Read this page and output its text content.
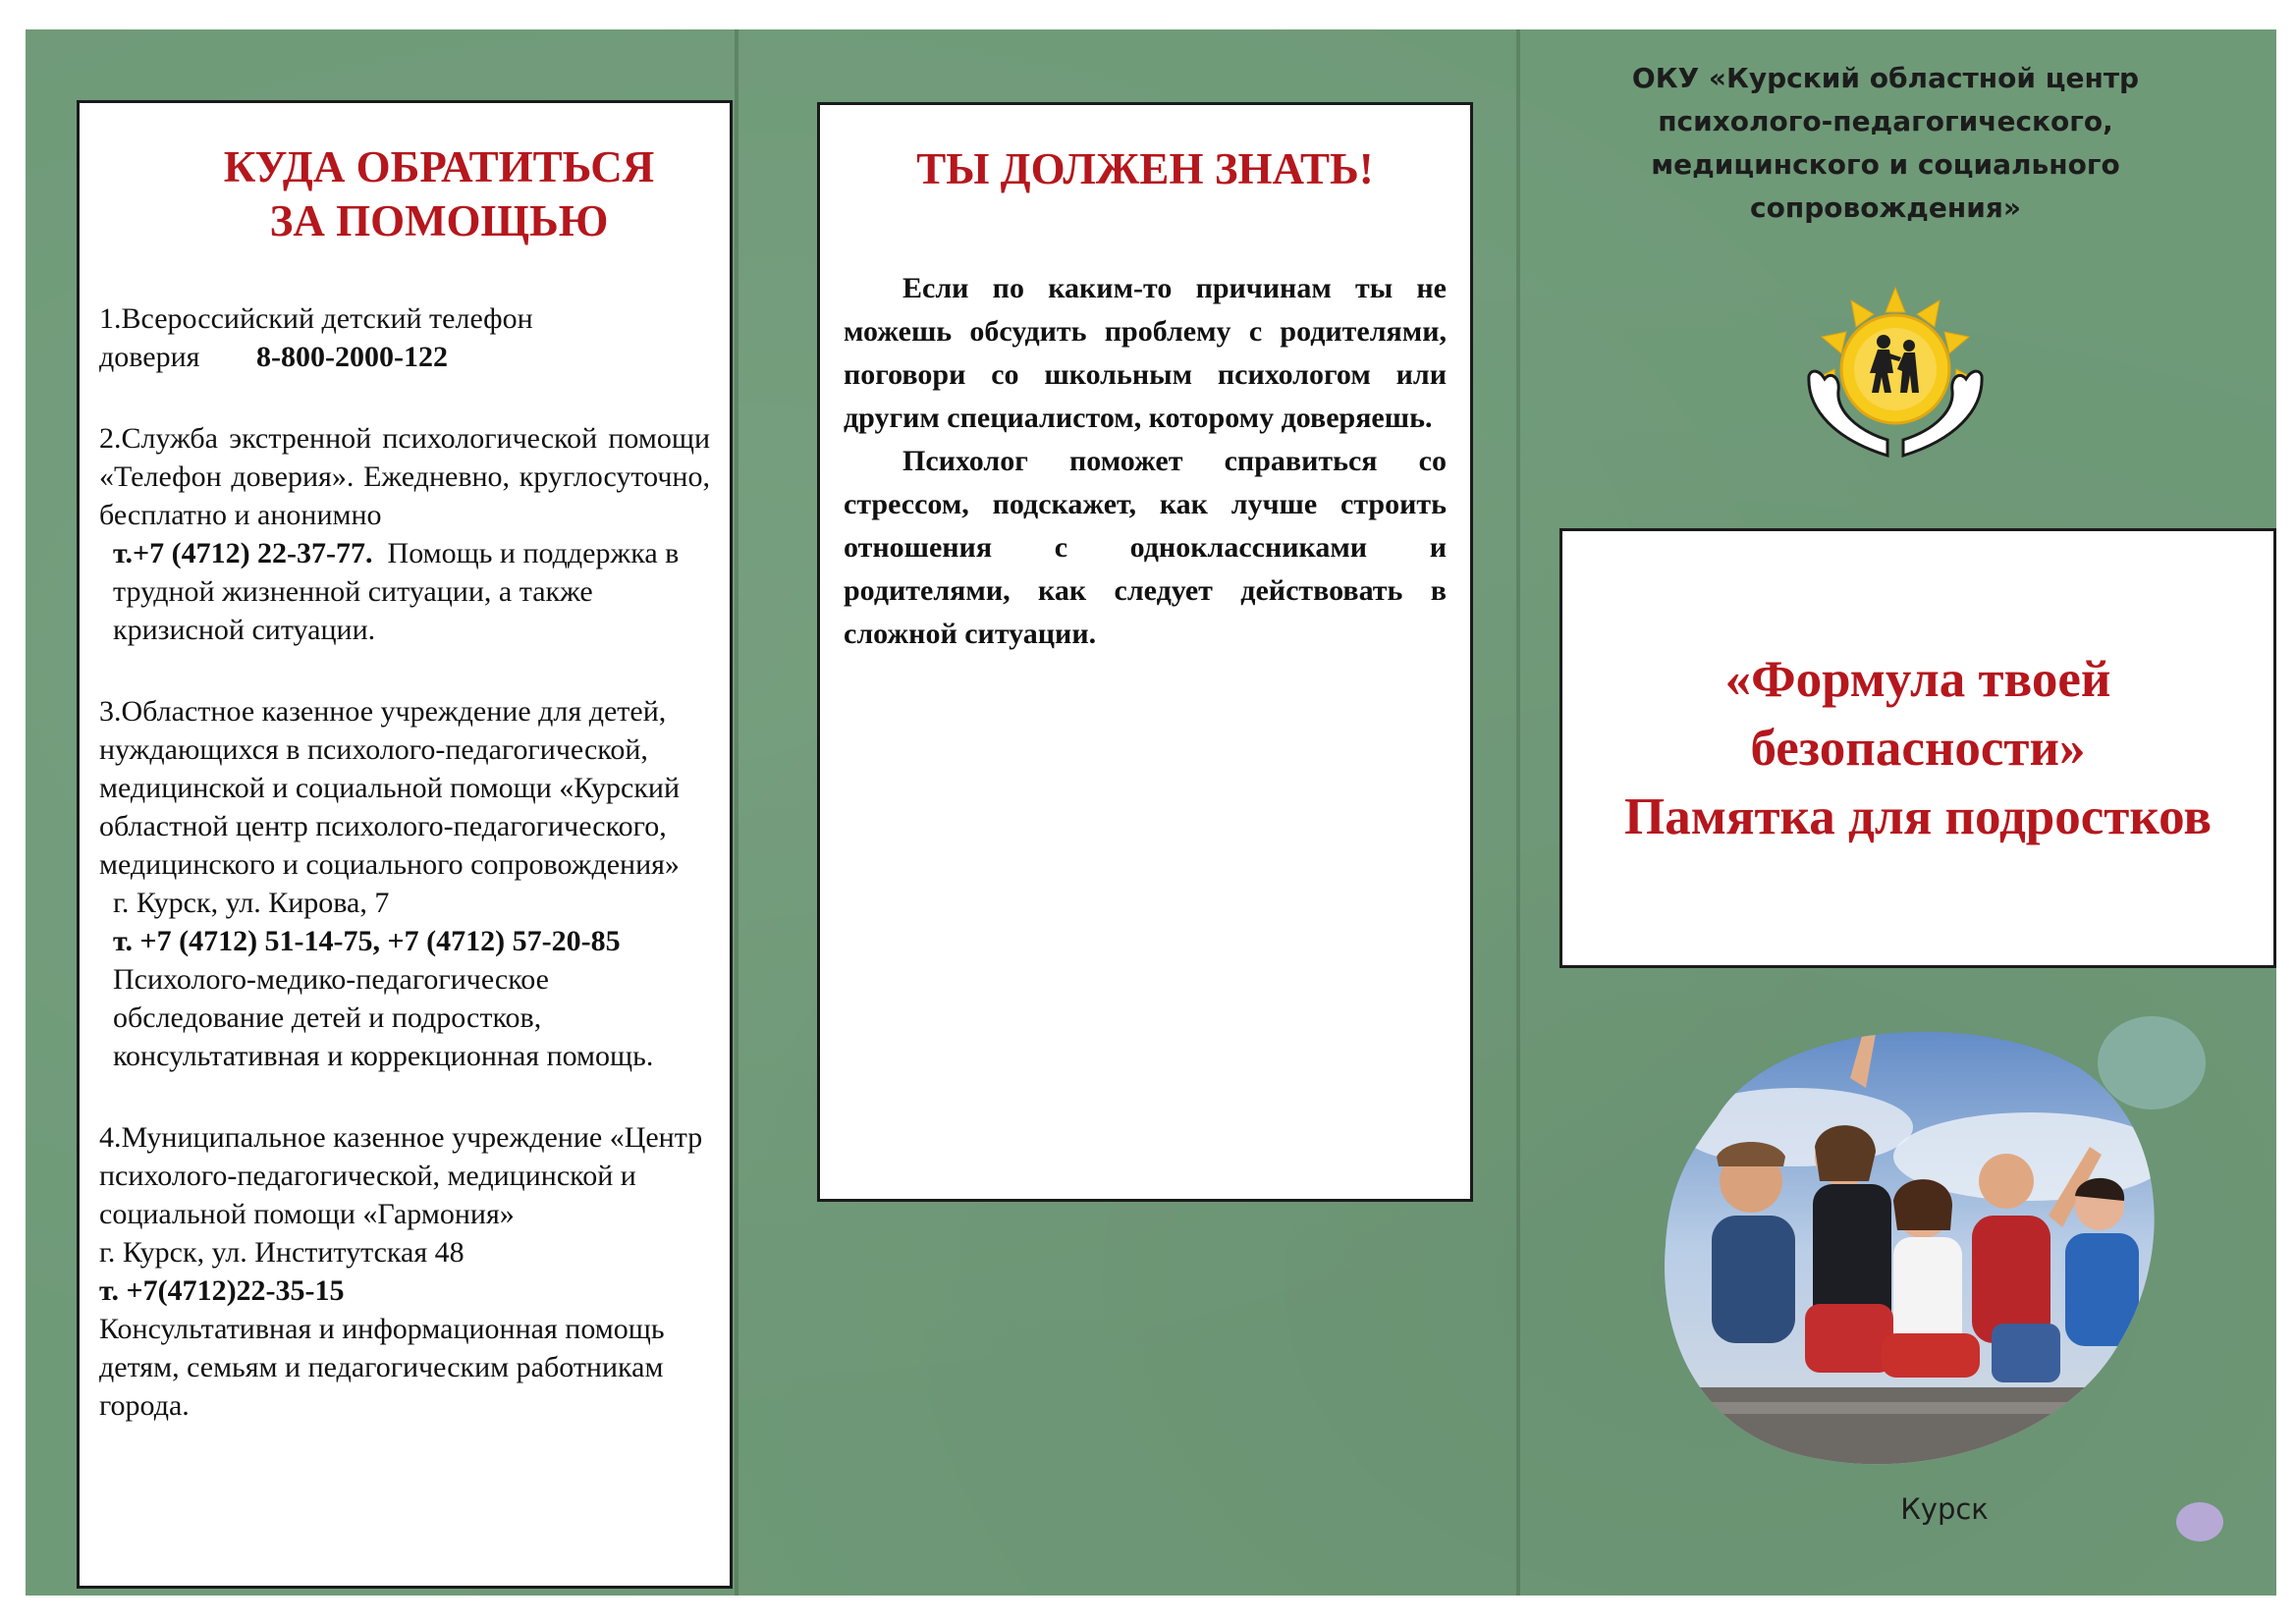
КУДА ОБРАТИТЬСЯ
ЗА ПОМОЩЬЮ

1.Всероссийский детский телефон доверия	8-800-2000-122

2.Служба экстренной психологической помощи «Телефон доверия». Ежедневно, круглосуточно, бесплатно и анонимно

т.+7 (4712) 22-37-77. Помощь и поддержка в трудной жизненной ситуации, а также кризисной ситуации.

3.Областное казенное учреждение для детей, нуждающихся в психолого-педагогической, медицинской и социальной помощи «Курский областной центр психолого-педагогического, медицинского и социального сопровождения»

г. Курск, ул. Кирова, 7

т. +7 (4712) 51-14-75, +7 (4712) 57-20-85

Психолого-медико-педагогическое обследование детей и подростков, консультативная и коррекционная помощь.

4.Муниципальное казенное учреждение «Центр психолого-педагогической, медицинской и социальной помощи «Гармония»

г. Курск, ул. Институтская 48

т. +7(4712)22-35-15

Консультативная и информационная помощь детям, семьям и педагогическим работникам города.

ТЫ ДОЛЖЕН ЗНАТЬ!

Если по каким-то причинам ты не можешь обсудить проблему с родителями, поговори со школьным психологом или другим специалистом, которому доверяешь.

Психолог поможет справиться со стрессом, подскажет, как лучше строить отношения с одноклассниками и родителями, как следует действовать в сложной ситуации.

ОКУ «Курский областной центр
психолого-педагогического,
медицинского и социального
сопровождения»
«Формула твоей
безопасности»
Памятка для подростков
Курск
